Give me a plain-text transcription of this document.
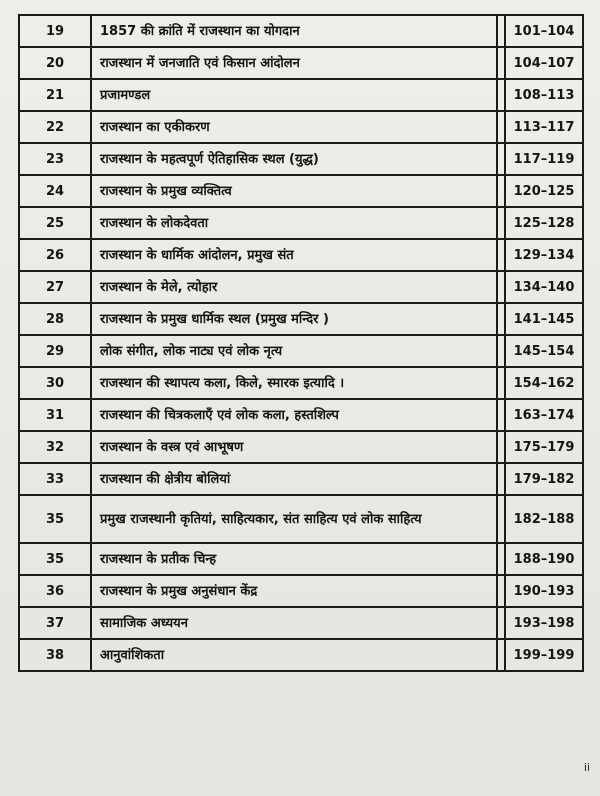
19	1857 की क्रांति में राजस्थान का योगदान		101–104
20	राजस्थान में जनजाति एवं किसान आंदोलन		104–107
21	प्रजामण्डल		108–113
22	राजस्थान का एकीकरण		113–117
23	राजस्थान के महत्वपूर्ण ऐतिहासिक स्थल (युद्ध)		117–119
24	राजस्थान के प्रमुख व्यक्तित्व		120–125
25	राजस्थान के लोकदेवता		125–128
26	राजस्थान के धार्मिक आंदोलन, प्रमुख संत		129–134
27	राजस्थान के मेले, त्योहार		134–140
28	राजस्थान के प्रमुख धार्मिक स्थल (प्रमुख मन्दिर )		141–145
29	लोक संगीत, लोक नाट्य एवं लोक नृत्य		145–154
30	राजस्थान की स्थापत्य कला, किले, स्मारक इत्यादि ।		154–162
31	राजस्थान की चित्रकलाएँ एवं लोक कला, हस्तशिल्प		163–174
32	राजस्थान के वस्त्र एवं आभूषण		175–179
33	राजस्थान की क्षेत्रीय बोलियां		179–182
35	प्रमुख राजस्थानी कृतियां, साहित्यकार, संत साहित्य एवं लोक साहित्य		182–188
35	राजस्थान के प्रतीक चिन्ह		188–190
36	राजस्थान के प्रमुख अनुसंधान केंद्र		190–193
37	सामाजिक अध्ययन		193–198
38	आनुवांशिकता		199–199
ii
